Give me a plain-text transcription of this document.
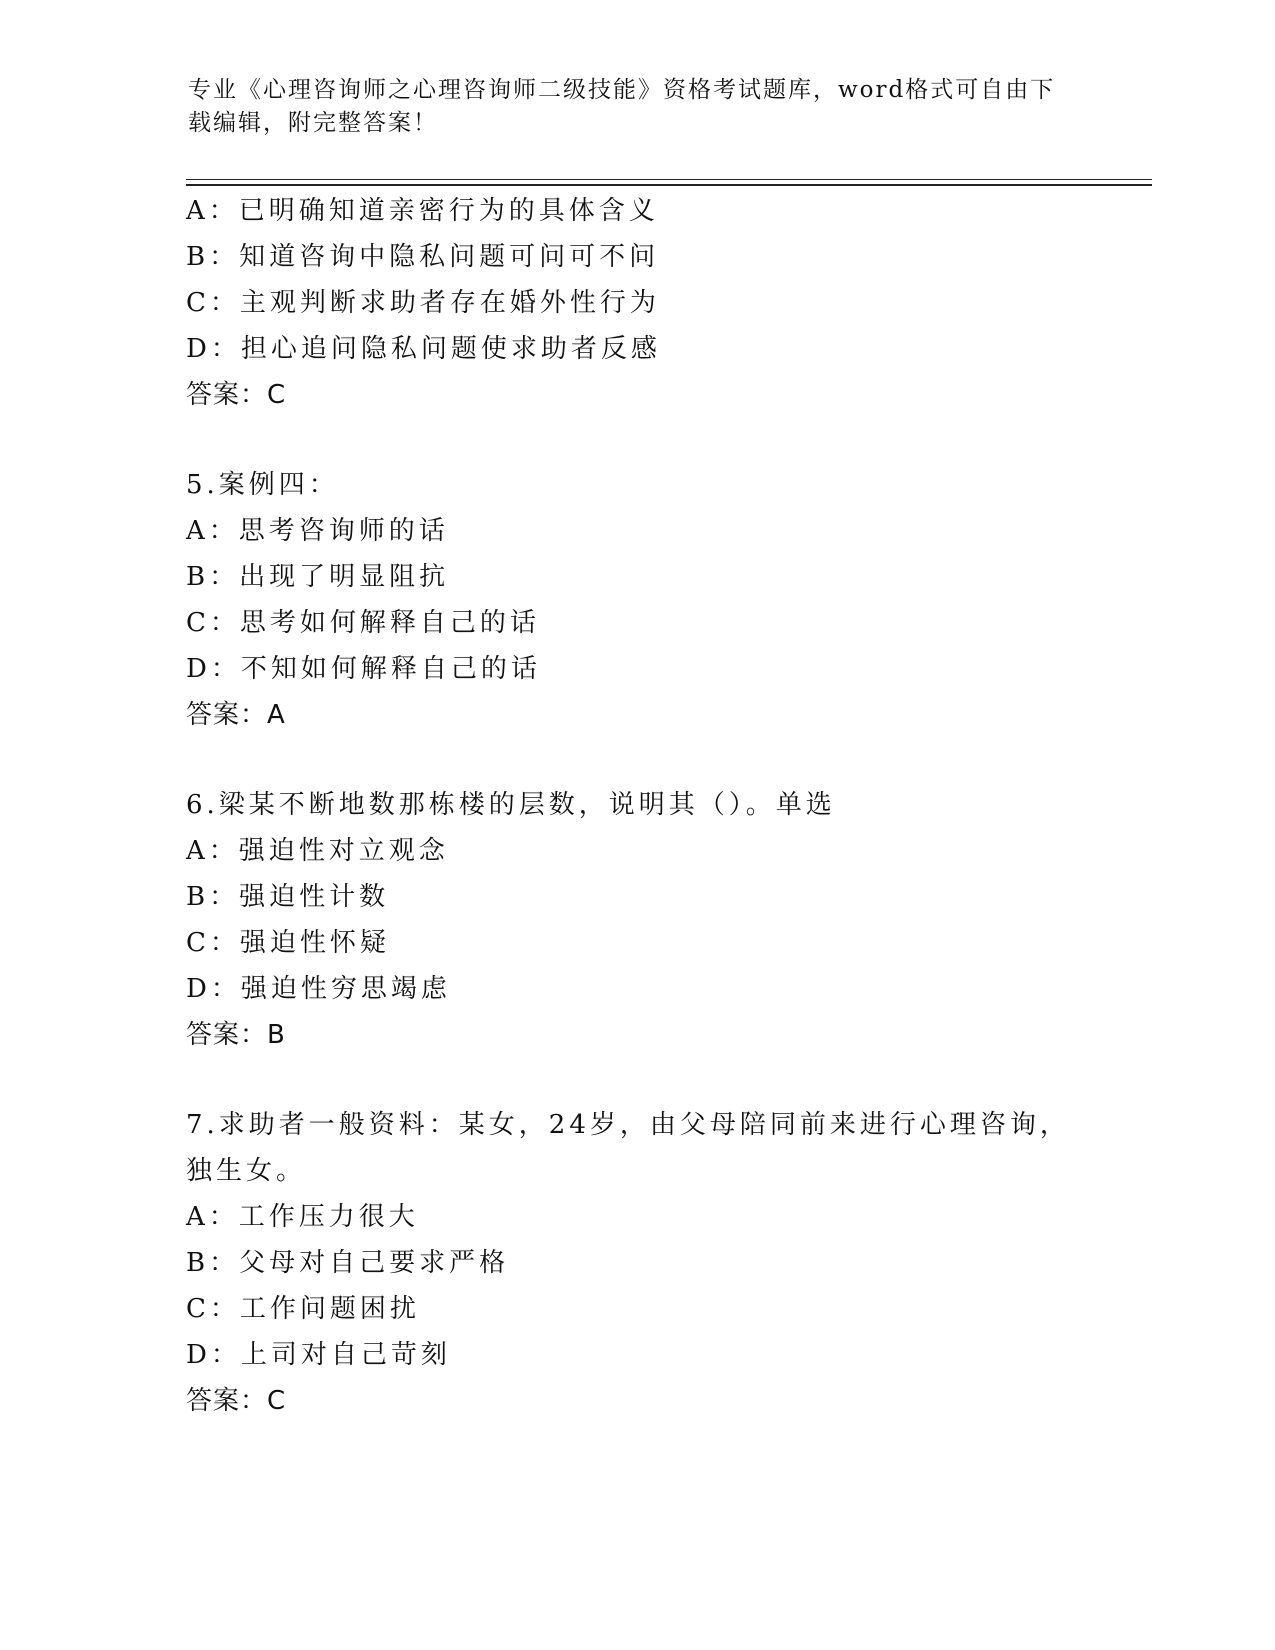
专业《心理咨询师之心理咨询师二级技能》资格考试题库，word格式可自由下载编辑，附完整答案！
A：已明确知道亲密行为的具体含义
B：知道咨询中隐私问题可问可不问
C：主观判断求助者存在婚外性行为
D：担心追问隐私问题使求助者反感
答案：C
5.案例四：
A：思考咨询师的话
B：出现了明显阻抗
C：思考如何解释自己的话
D：不知如何解释自己的话
答案：A
6.梁某不断地数那栋楼的层数，说明其（）。单选
A：强迫性对立观念
B：强迫性计数
C：强迫性怀疑
D：强迫性穷思竭虑
答案：B
7.求助者一般资料：某女，24岁，由父母陪同前来进行心理咨询，独生女。
A：工作压力很大
B：父母对自己要求严格
C：工作问题困扰
D：上司对自己苛刻
答案：C
